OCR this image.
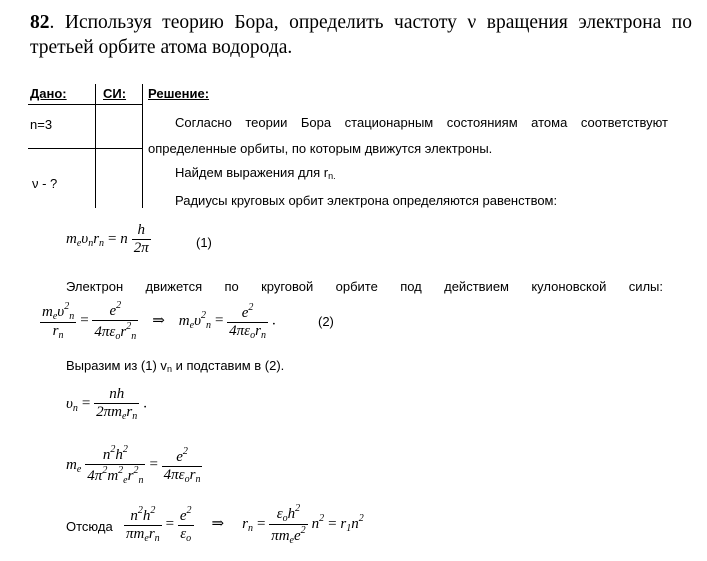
82. Используя теорию Бора, определить частоту ν вращения электрона по третьей орбите атома водорода.
Дано:	СИ: Решение:
n=3
ν - ?
Согласно теории Бора стационарным состояниям атома соответствуют определенные орбиты, по которым движутся электроны.
Найдем выражения для rn.
Радиусы круговых орбит электрона определяются равенством:
$m_e\upsilon_nr_n = n \frac{h}{2\pi}$	(1)
Электрон движется по круговой орбите под действием кулоновской силы:
$\frac{m_e\upsilon^2_n}{r_n} = \frac{e^2}{4\pi\varepsilon_or^2_n}$ ⇒ $m_e\upsilon^2_n = \frac{e^2}{4\pi\varepsilon_or_n}$ .	(2)
Выразим из (1) vn и подставим в (2).
$\upsilon_n = \frac{nh}{2\pi m_er_n}$ .
$m_e \frac{n^2h^2}{4\pi^2m^2_er^2_n} = \frac{e^2}{4\pi\varepsilon_or_n}$
Отсюда $\frac{n^2h^2}{\pi m_er_n} = \frac{e^2}{\varepsilon_o}$ ⇒ $r_n = \frac{\varepsilon_oh^2}{\pi m_ee^2} n^2 = r_1n^2$
